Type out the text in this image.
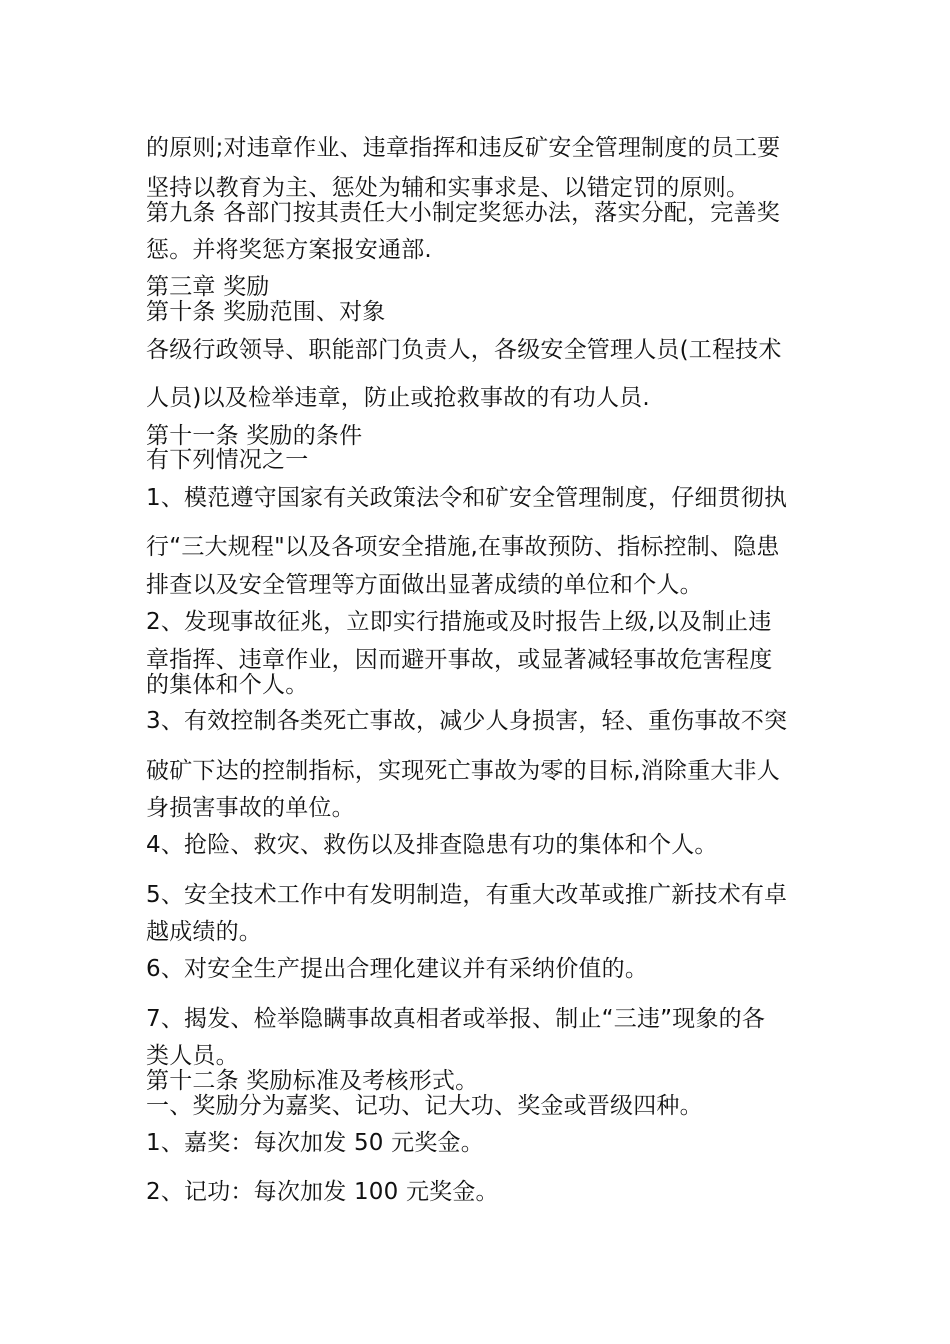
的原则;对违章作业、违章指挥和违反矿安全管理制度的员工要
坚持以教育为主、惩处为辅和实事求是、以错定罚的原则。
第九条 各部门按其责任大小制定奖惩办法，落实分配，完善奖
惩。并将奖惩方案报安通部.
第三章 奖励
第十条 奖励范围、对象
各级行政领导、职能部门负责人，各级安全管理人员(工程技术
人员)以及检举违章，防止或抢救事故的有功人员.
第十一条 奖励的条件
有下列情况之一
1、模范遵守国家有关政策法令和矿安全管理制度，仔细贯彻执
行“三大规程"以及各项安全措施,在事故预防、指标控制、隐患
排查以及安全管理等方面做出显著成绩的单位和个人。
2、发现事故征兆，立即实行措施或及时报告上级,以及制止违
章指挥、违章作业，因而避开事故，或显著减轻事故危害程度
的集体和个人。
3、有效控制各类死亡事故，减少人身损害，轻、重伤事故不突
破矿下达的控制指标，实现死亡事故为零的目标,消除重大非人
身损害事故的单位。
4、抢险、救灾、救伤以及排查隐患有功的集体和个人。
5、安全技术工作中有发明制造，有重大改革或推广新技术有卓
越成绩的。
6、对安全生产提出合理化建议并有采纳价值的。
7、揭发、检举隐瞒事故真相者或举报、制止“三违”现象的各
类人员。
第十二条 奖励标准及考核形式。
一、奖励分为嘉奖、记功、记大功、奖金或晋级四种。
1、嘉奖：每次加发 50 元奖金。
2、记功：每次加发 100 元奖金。
